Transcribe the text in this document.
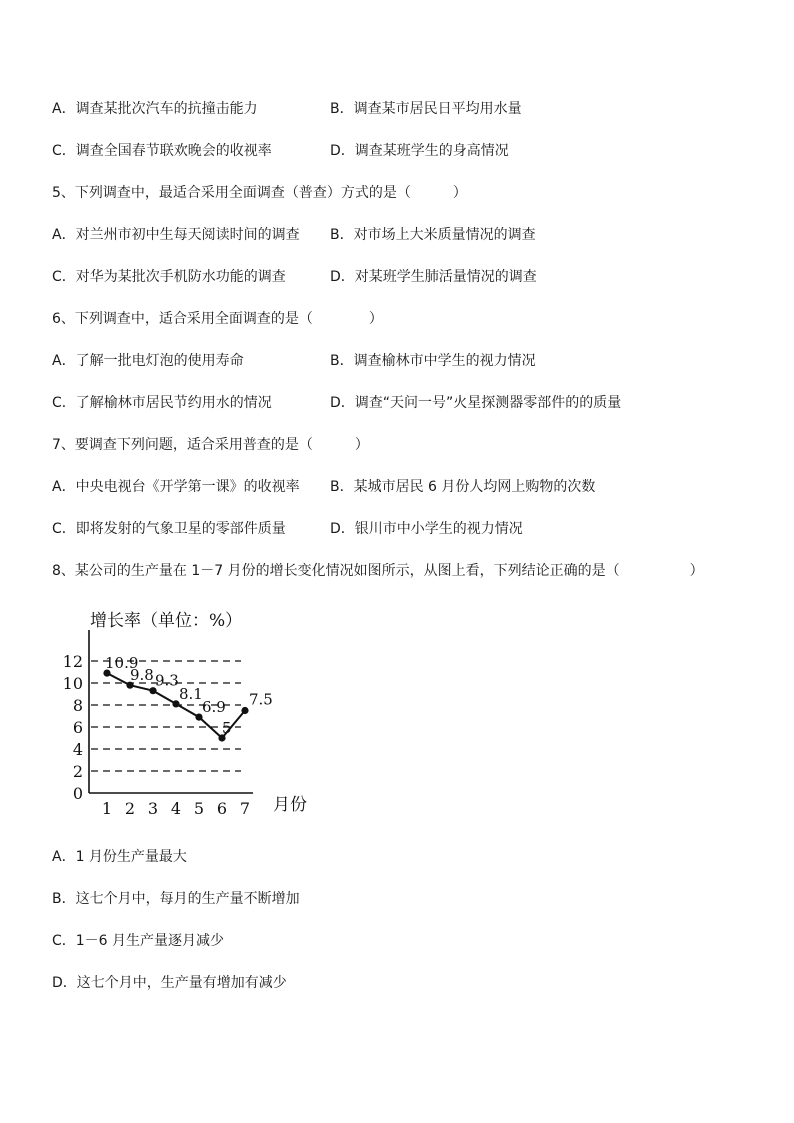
A．调查某批次汽车的抗撞击能力	B．调查某市居民日平均用水量
C．调查全国春节联欢晚会的收视率	D．调查某班学生的身高情况
5、下列调查中，最适合采用全面调查（普查）方式的是（　　　）
A．对兰州市初中生每天阅读时间的调查 B．对市场上大米质量情况的调查
C．对华为某批次手机防水功能的调查	D．对某班学生肺活量情况的调查
6、下列调查中，适合采用全面调查的是（　　　　）
A．了解一批电灯泡的使用寿命	B．调查榆林市中学生的视力情况
C．了解榆林市居民节约用水的情况	D．调查“天问一号”火星探测器零部件的的质量
7、要调查下列问题，适合采用普查的是（　　　）
A．中央电视台《开学第一课》的收视率 B．某城市居民 6 月份人均网上购物的次数
C．即将发射的气象卫星的零部件质量	D．银川市中小学生的视力情况
8、某公司的生产量在 1－7 月份的增长变化情况如图所示，从图上看，下列结论正确的是（　　　　　）
增长率（单位：%）
0
2
4
6
8
10
12
1 2 3 4 5 6 7 月份
10.9
9.8 9.3
8.1
6.9
5
7.5
A．1 月份生产量最大
B．这七个月中，每月的生产量不断增加
C．1－6 月生产量逐月减少
D．这七个月中，生产量有增加有减少
